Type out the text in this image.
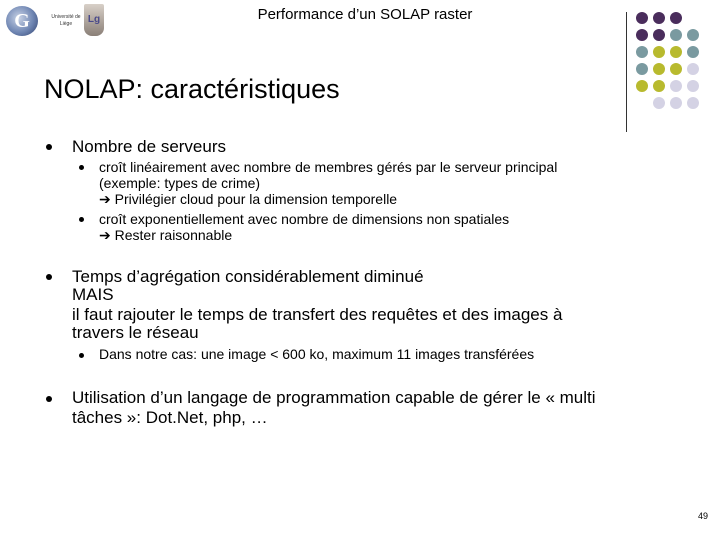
G	Université de Liège	Lg	Performance d’un SOLAP raster
NOLAP: caractéristiques
Nombre de serveurs
croît linéairement avec nombre de membres gérés par le serveur principal
(exemple: types de crime)
➔ Privilégier cloud pour la dimension temporelle
croît exponentiellement avec nombre de dimensions non spatiales
➔ Rester raisonnable
Temps d’agrégation considérablement diminué
MAIS
il faut rajouter le temps de transfert des requêtes et des images à
travers le réseau
Dans notre cas: une image < 600 ko, maximum 11 images transférées
Utilisation d’un langage de programmation capable de gérer le « multi
tâches »: Dot.Net, php, …
49
